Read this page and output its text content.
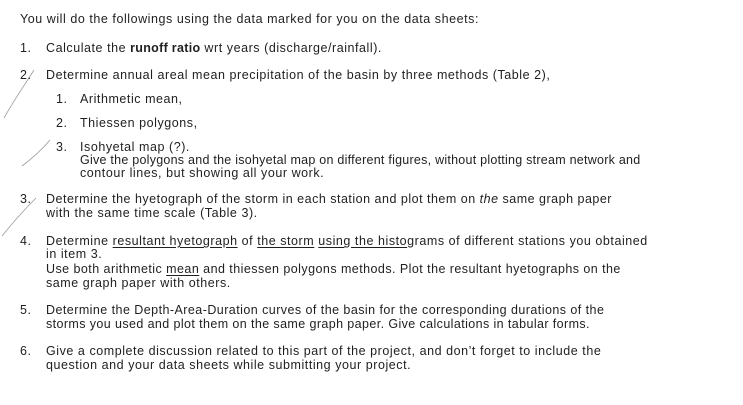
You will do the followings using the data marked for you on the data sheets:
1. Calculate the runoff ratio wrt years (discharge/rainfall).
2. Determine annual areal mean precipitation of the basin by three methods (Table 2),
1. Arithmetic mean,
2. Thiessen polygons,
3. Isohyetal map (?).
Give the polygons and the isohyetal map on different figures, without plotting stream network and
contour lines, but showing all your work.
3. Determine the hyetograph of the storm in each station and plot them on the same graph paper
with the same time scale (Table 3).
4. Determine resultant hyetograph of the storm using the histograms of different stations you obtained
in item 3.
Use both arithmetic mean and thiessen polygons methods. Plot the resultant hyetographs on the
same graph paper with others.
5. Determine the Depth-Area-Duration curves of the basin for the corresponding durations of the
storms you used and plot them on the same graph paper. Give calculations in tabular forms.
6. Give a complete discussion related to this part of the project, and don’t forget to include the
question and your data sheets while submitting your project.
